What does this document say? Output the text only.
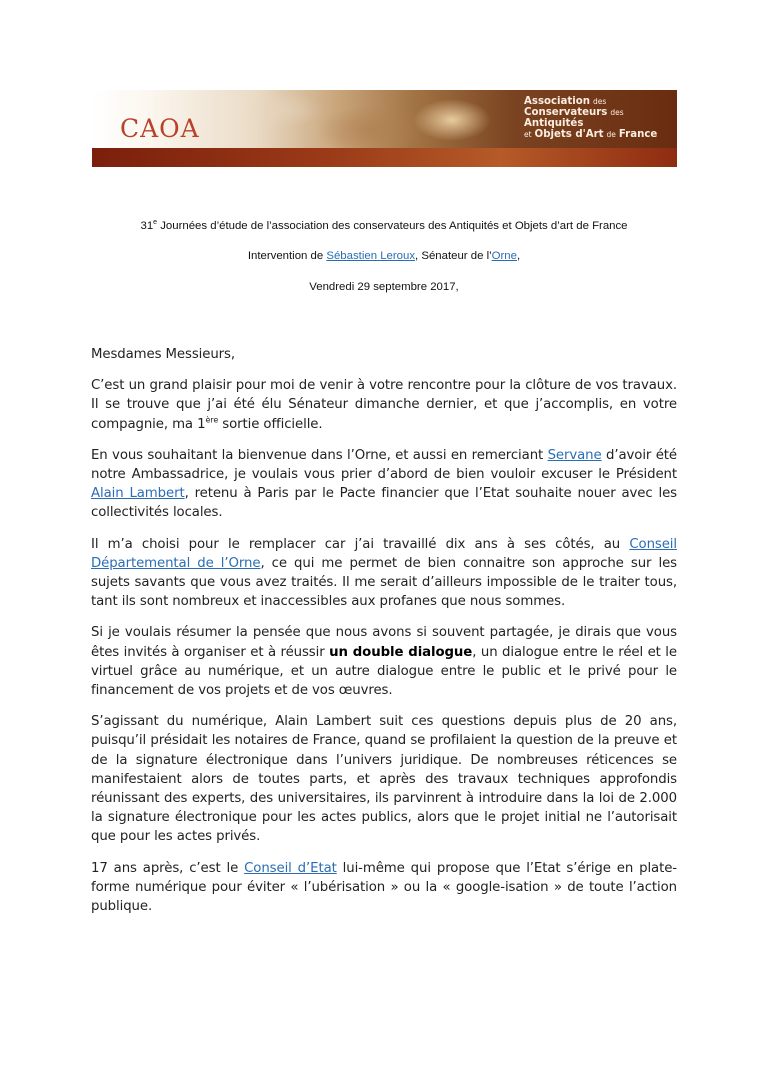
CAOA
Association des
Conservateurs des Antiquités
et Objets d'Art de France
31e Journées d’étude de l’association des conservateurs des Antiquités et Objets d’art de France
Intervention de Sébastien Leroux, Sénateur de l’Orne,
Vendredi 29 septembre 2017,

Mesdames Messieurs,

C’est un grand plaisir pour moi de venir à votre rencontre pour la clôture de vos travaux. Il se trouve que j’ai été élu Sénateur dimanche dernier, et que j’accomplis, en votre compagnie, ma 1ère sortie officielle.

En vous souhaitant la bienvenue dans l’Orne, et aussi en remerciant Servane d’avoir été notre Ambassadrice, je voulais vous prier d’abord de bien vouloir excuser le Président Alain Lambert, retenu à Paris par le Pacte financier que l’Etat souhaite nouer avec les collectivités locales.

Il m’a choisi pour le remplacer car j’ai travaillé dix ans à ses côtés, au Conseil Départemental de l’Orne, ce qui me permet de bien connaitre son approche sur les sujets savants que vous avez traités. Il me serait d’ailleurs impossible de le traiter tous, tant ils sont nombreux et inaccessibles aux profanes que nous sommes.

Si je voulais résumer la pensée que nous avons si souvent partagée, je dirais que vous êtes invités à organiser et à réussir un double dialogue, un dialogue entre le réel et le virtuel grâce au numérique, et un autre dialogue entre le public et le privé pour le financement de vos projets et de vos œuvres.

S’agissant du numérique, Alain Lambert suit ces questions depuis plus de 20 ans, puisqu’il présidait les notaires de France, quand se profilaient la question de la preuve et de la signature électronique dans l’univers juridique. De nombreuses réticences se manifestaient alors de toutes parts, et après des travaux techniques approfondis réunissant des experts, des universitaires, ils parvinrent à introduire dans la loi de 2.000 la signature électronique pour les actes publics, alors que le projet initial ne l’autorisait que pour les actes privés.

17 ans après, c’est le Conseil d’Etat lui-même qui propose que l’Etat s’érige en plate-forme numérique pour éviter « l’ubérisation » ou la « google-isation » de toute l’action publique.
